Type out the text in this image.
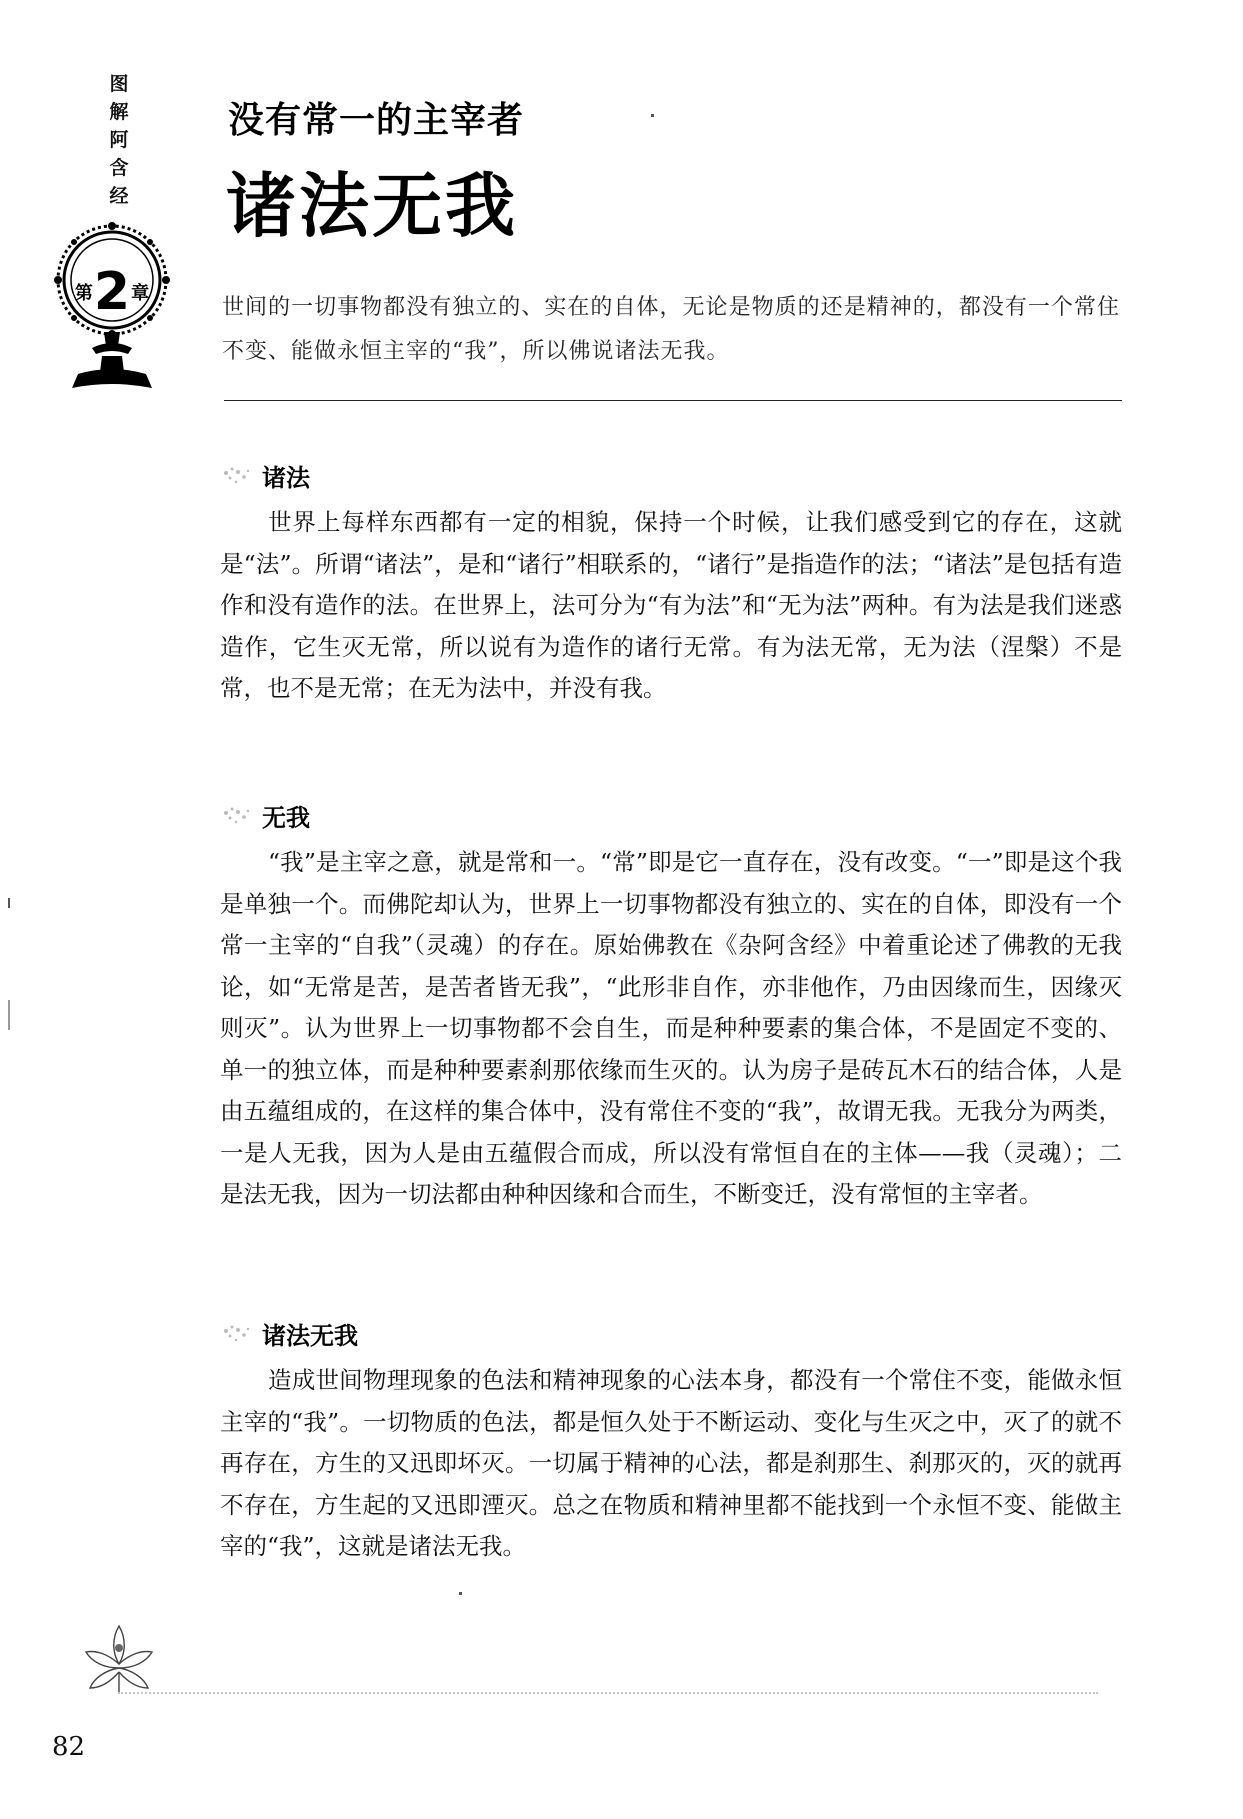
图
解
阿
含
经
第2章
没有常一的主宰者
诸法无我
世间的一切事物都没有独立的、实在的自体，无论是物质的还是精神的，都没有一个常住不变、能做永恒主宰的“我”，所以佛说诸法无我。
诸法

世界上每样东西都有一定的相貌，保持一个时候，让我们感受到它的存在，这就是“法”。所谓“诸法”，是和“诸行”相联系的，“诸行”是指造作的法；“诸法”是包括有造作和没有造作的法。在世界上，法可分为“有为法”和“无为法”两种。有为法是我们迷惑造作，它生灭无常，所以说有为造作的诸行无常。有为法无常，无为法（涅槃）不是常，也不是无常；在无为法中，并没有我。

无我

“我”是主宰之意，就是常和一。“常”即是它一直存在，没有改变。“一”即是这个我是单独一个。而佛陀却认为，世界上一切事物都没有独立的、实在的自体，即没有一个常一主宰的“自我”（灵魂）的存在。原始佛教在《杂阿含经》中着重论述了佛教的无我论，如“无常是苦，是苦者皆无我”，“此形非自作，亦非他作，乃由因缘而生，因缘灭则灭”。认为世界上一切事物都不会自生，而是种种要素的集合体，不是固定不变的、单一的独立体，而是种种要素刹那依缘而生灭的。认为房子是砖瓦木石的结合体，人是由五蕴组成的，在这样的集合体中，没有常住不变的“我”，故谓无我。无我分为两类，一是人无我，因为人是由五蕴假合而成，所以没有常恒自在的主体——我（灵魂）；二是法无我，因为一切法都由种种因缘和合而生，不断变迁，没有常恒的主宰者。

诸法无我

造成世间物理现象的色法和精神现象的心法本身，都没有一个常住不变，能做永恒主宰的“我”。一切物质的色法，都是恒久处于不断运动、变化与生灭之中，灭了的就不再存在，方生的又迅即坏灭。一切属于精神的心法，都是刹那生、刹那灭的，灭的就再不存在，方生起的又迅即湮灭。总之在物质和精神里都不能找到一个永恒不变、能做主宰的“我”，这就是诸法无我。

82
